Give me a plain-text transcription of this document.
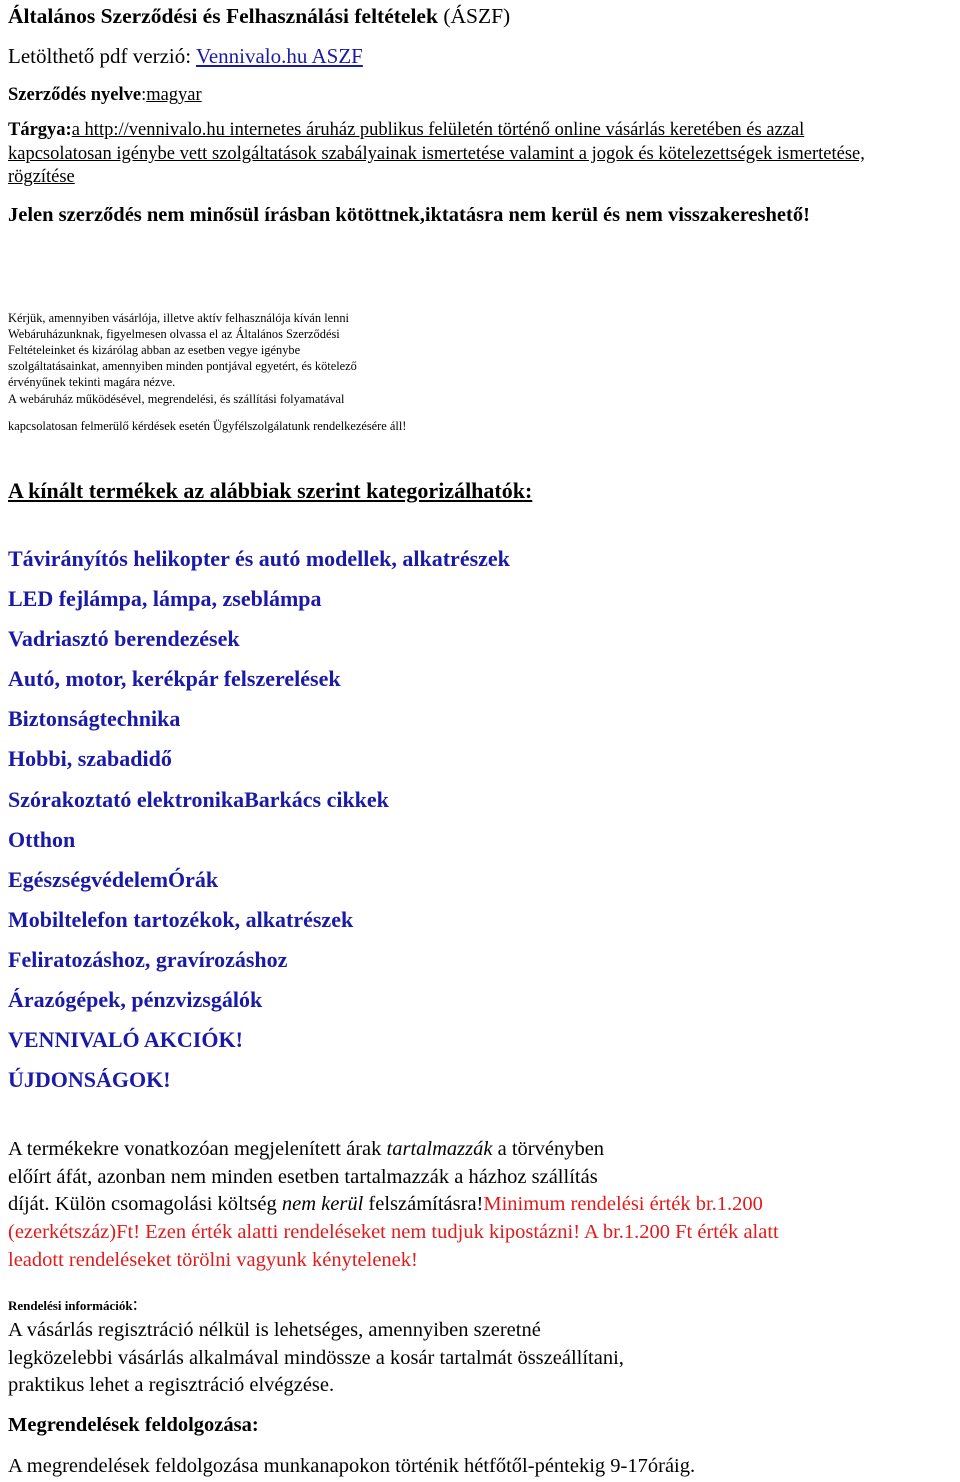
Általános Szerződési és Felhasználási feltételek (ÁSZF)
Letölthető pdf verzió: Vennivalo.hu ASZF
Szerződés nyelve:magyar
Tárgya:a http://vennivalo.hu internetes áruház publikus felületén történő online vásárlás keretében és azzal
kapcsolatosan igénybe vett szolgáltatások szabályainak ismertetése valamint a jogok és kötelezettségek ismertetése,
rögzítése
Jelen szerződés nem minősül írásban kötöttnek,iktatásra nem kerül és nem visszakereshető!
Kérjük, amennyiben vásárlója, illetve aktív felhasználója kíván lenni
Webáruházunknak, figyelmesen olvassa el az Általános Szerződési
Feltételeinket és kizárólag abban az esetben vegye igénybe
szolgáltatásainkat, amennyiben minden pontjával egyetért, és kötelező
érvényűnek tekinti magára nézve.
A webáruház működésével, megrendelési, és szállítási folyamatával
kapcsolatosan felmerülő kérdések esetén Ügyfélszolgálatunk rendelkezésére áll!
A kínált termékek az alábbiak szerint kategorizálhatók:
Távirányítós helikopter és autó modellek, alkatrészek
LED fejlámpa, lámpa, zseblámpa
Vadriasztó berendezések
Autó, motor, kerékpár felszerelések
Biztonságtechnika
Hobbi, szabadidő
Szórakoztató elektronikaBarkács cikkek
Otthon
EgészségvédelemÓrák
Mobiltelefon tartozékok, alkatrészek
Feliratozáshoz, gravírozáshoz
Árazógépek, pénzvizsgálók
VENNIVALÓ AKCIÓK!
ÚJDONSÁGOK!
A termékekre vonatkozóan megjelenített árak tartalmazzák a törvényben
előírt áfát, azonban nem minden esetben tartalmazzák a házhoz szállítás
díját. Külön csomagolási költség nem kerül felszámításra!Minimum rendelési érték br.1.200
(ezerkétszáz)Ft! Ezen érték alatti rendeléseket nem tudjuk kipostázni! A br.1.200 Ft érték alatt
leadott rendeléseket törölni vagyunk kénytelenek!
Rendelési információk:
A vásárlás regisztráció nélkül is lehetséges, amennyiben szeretné
legközelebbi vásárlás alkalmával mindössze a kosár tartalmát összeállítani,
praktikus lehet a regisztráció elvégzése.
Megrendelések feldolgozása:
A megrendelések feldolgozása munkanapokon történik hétfőtől-péntekig 9-17óráig.
